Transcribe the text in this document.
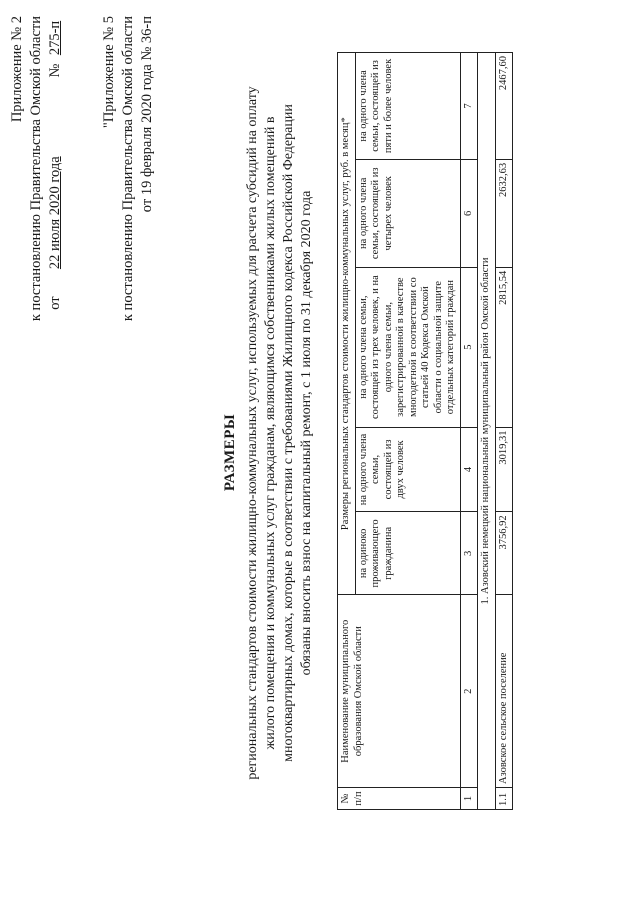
Приложение № 2 к постановлению Правительства Омской области от 22 июля 2020 года  № 275-п	"Приложение № 5 к постановлению Правительства Омской области от 19 февраля 2020 года № 36-п
РАЗМЕРЫ региональных стандартов стоимости жилищно-коммунальных услуг, используемых для расчета субсидий на оплату жилого помещения и коммунальных услуг гражданам, являющимся собственниками жилых помещений в многоквартирных домах, которые в соответствии с требованиями Жилищного кодекса Российской Федерации обязаны вносить взнос на капитальный ремонт, с 1 июля по 31 декабря 2020 года
№ п/п	Наименование муниципального образования Омской области	Размеры региональных стандартов стоимости жилищно-коммунальных услуг, руб. в месяц*				
		на одиноко проживающего гражданина	на одного члена семьи, состоящей из двух человек	на одного члена семьи, состоящей из трех человек, и на одного члена семьи, зарегистрированной в качестве многодетной в соответствии со статьей 40 Кодекса Омской области о социальной защите отдельных категорий граждан	на одного члена семьи, состоящей из четырех человек	на одного члена семьи, состоящей из пяти и более человек
1	2	3	4	5	6	7
1. Азовский немецкий национальный муниципальный район Омской области						
1.1	Азовское сельское поселение	3756,92	3019,31	2815,54	2632,63	2467,60
